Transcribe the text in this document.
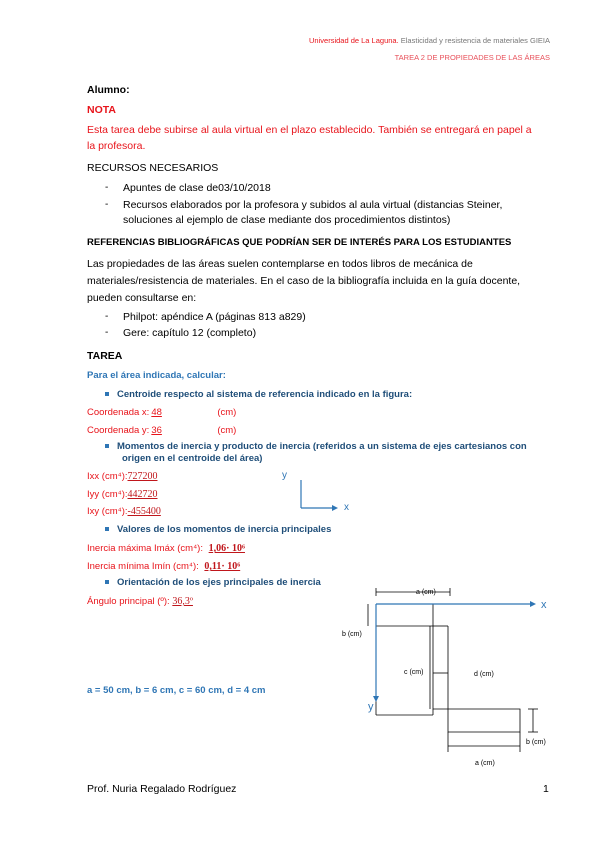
Universidad de La Laguna. Elasticidad y resistencia de materiales GIEIA
TAREA 2 DE PROPIEDADES DE LAS ÁREAS
Alumno:
NOTA
Esta tarea debe subirse al aula virtual en el plazo establecido. También se entregará en papel a
la profesora.
RECURSOS NECESARIOS
- Apuntes de clase de03/10/2018
- Recursos elaborados por la profesora y subidos al aula virtual (distancias Steiner,
soluciones al ejemplo de clase mediante dos procedimientos distintos)
REFERENCIAS BIBLIOGRÁFICAS QUE PODRÍAN SER DE INTERÉS PARA LOS ESTUDIANTES
Las propiedades de las áreas suelen contemplarse en todos libros de mecánica de
materiales/resistencia de materiales. En el caso de la bibliografía incluida en la guía docente,
pueden consultarse en:
- Philpot: apéndice A (páginas 813 a829)
- Gere: capítulo 12 (completo)
TAREA
Para el área indicada, calcular:
Centroide respecto al sistema de referencia indicado en la figura:
Coordenada x: 48	(cm)
Coordenada y: 36	(cm)
Momentos de inercia y producto de inercia (referidos a un sistema de ejes cartesianos con
origen en el centroide del área)
Ixx (cm⁴):727200
Iyy (cm⁴):442720
Ixy (cm⁴):-455400
Valores de los momentos de inercia principales
Inercia máxima Imáx (cm⁴): 1,06· 10⁶
Inercia mínima Imín (cm⁴): 0,11· 10⁶
Orientación de los ejes principales de inercia
Ángulo principal (º): 36,3º
a = 50 cm, b = 6 cm, c = 60 cm, d = 4 cm
y
x
x
y
a (cm)
b (cm)
c (cm)	d (cm)
a (cm)
b (cm)
Prof. Nuria Regalado Rodríguez	1
